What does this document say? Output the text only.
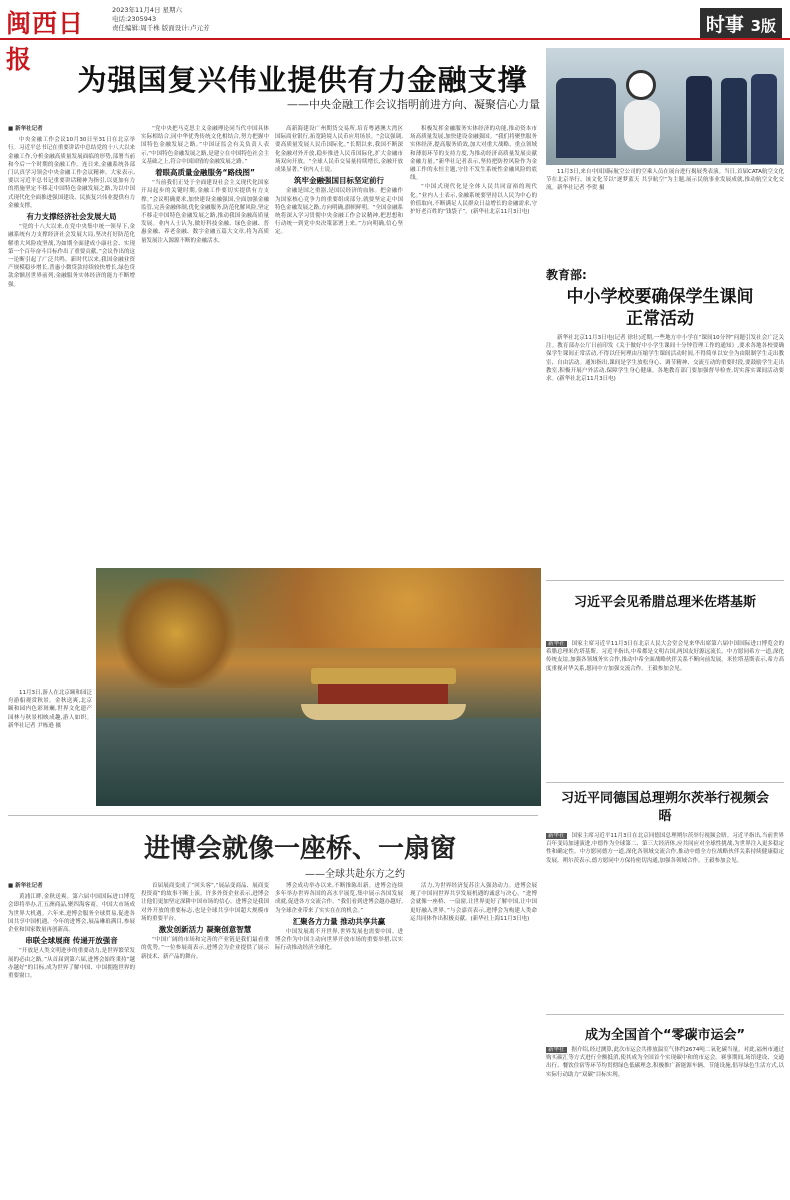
闽西日报
2023年11月4日 星期六
电话:2305943
责任编辑:周千株 版面设计:卢元芳	时事 3版
为强国复兴伟业提供有力金融支撑
——中央金融工作会议指明前进方向、凝聚信心力量
■ 新华社记者

中央金融工作会议10月30日至31日在北京举行。习近平总书记在重要讲话中总结党的十八大以来金融工作,分析金融高质量发展面临的形势,部署当前和今后一个时期的金融工作。连日来,金融系统各部门认真学习领会中央金融工作会议精神。大家表示,要以习近平总书记重要讲话精神为指引,以更加有力的措施坚定不移走中国特色金融发展之路,为以中国式现代化全面推进强国建设、民族复兴伟业提供有力金融支撑。

有力支撑经济社会发展大局

“党的十八大以来,在党中央集中统一领导下,金融系统有力支撑经济社会发展大局,坚决打好防范化解重大风险攻坚战,为如期全面建成小康社会、实现第一个百年奋斗目标作出了重要贡献。”会议作出的这一论断引起了广泛共鸣。新时代以来,我国金融业资产规模稳步增长,普惠小微贷款持续较快增长,绿色贷款余额居世界前列,金融服务实体经济的能力不断增强。

“党中央把马克思主义金融理论同当代中国具体实际相结合,同中华优秀传统文化相结合,努力把握中国特色金融发展之路。”中国证监会有关负责人表示,“中国特色金融发展之路,是建立在中国特色社会主义基础之上,符合中国国情的金融发展之路。”

着眼高质量金融服务“路线图”

“当前我们正处于全面建设社会主义现代化国家开局起步的关键时期,金融工作要切实提供有力支撑。”会议明确要求,加快建设金融强国,全面加强金融监管,完善金融体制,优化金融服务,防范化解风险,坚定不移走中国特色金融发展之路,推动我国金融高质量发展。业内人士认为,做好科技金融、绿色金融、普惠金融、养老金融、数字金融五篇大文章,将为高质量发展注入源源不断的金融活水。

高新海建设广州期货交易所,培育粤港澳大湾区国际商业银行,拓宽跨境人民币应用场景。“会议强调,要高质量发展人民币国际化。”长期以来,我国不断深化金融对外开放,稳步推进人民币国际化,扩大金融市场双向开放。“全球人民币交易量持续增长,金融开放成果显著。”业内人士说。

筑牢金融强国目标坚定前行

金融是国之重器,是国民经济的血脉。把金融作为国家核心竞争力的重要组成部分,就要坚定走中国特色金融发展之路,方向明确,旗帜鲜明。“全国金融系统将深入学习贯彻中央金融工作会议精神,把思想和行动统一到党中央决策部署上来。”方向明确,信心坚定。

积极发挥金融服务实体经济的功能,推动资本市场高质量发展,加快建设金融强国。“我们将聚焦服务实体经济,提高服务质效,加大对重大战略、重点领域和薄弱环节的支持力度,为推动经济高质量发展贡献金融力量。”新华社记者表示,坚持把防控风险作为金融工作的永恒主题,守住不发生系统性金融风险的底线。

“中国式现代化是全体人民共同富裕的现代化。”业内人士表示,金融系统要坚持以人民为中心的价值取向,不断满足人民群众日益增长的金融需求,守护好老百姓的“钱袋子”。(新华社北京11月3日电)

11月3日,来自中国国际航空公司的空乘人员在展台进行揭展秀表演。当日,首届CATA航空文化节在北京举行。该文化节以“逐梦蓝天 共享航空”为主题,展示民航事业发展成就,推动航空文化交流。新华社记者 李贺 摄

教育部:
中小学校要确保学生课间正常活动

新华社北京11月3日电(记者 徐壮)近期,一些地方中小学在“课间10分钟”问题引发社会广泛关注。教育部办公厅日前印发《关于做好中小学生课间十分钟管理工作的通知》,要求各地各校要确保学生课间正常活动,不得以任何理由压缩学生课间活动时间,不得简单以安全为由限制学生走出教室、自由活动。通知指出,课间是学生放松身心、调节精神、交流互动的重要时段,要鼓励学生走出教室,积极开展户外活动,保障学生身心健康。各地教育部门要加强督导检查,切实落实课间活动要求。(新华社北京11月3日电)

11月3日,游人在北京颐和园泛舟游船观赏秋景。金秋送爽,北京颐和园内色彩斑斓,世界文化遗产园林与秋景相映成趣,游人如织。新华社记者 尹栋逊 摄

习近平会见希腊总理米佐塔基斯
新华社 国家主席习近平11月3日在北京人民大会堂会见来华出席第六届中国国际进口博览会的希腊总理米佐塔基斯。习近平指出,中希都是文明古国,两国友好源远流长。中方愿同希方一道,深化传统友谊,加强各领域务实合作,推动中希全面战略伙伴关系不断向前发展。米佐塔基斯表示,希方高度重视对华关系,愿同中方加强交流合作。王毅参加会见。
习近平同德国总理朔尔茨举行视频会晤
新华社 国家主席习近平11月3日在北京同德国总理朔尔茨举行视频会晤。习近平指出,当前世界百年变局加速演进,中德作为全球第二、第三大经济体,应共同应对全球性挑战,为世界注入更多稳定性和确定性。中方愿同德方一道,深化各领域交流合作,推动中德全方位战略伙伴关系持续健康稳定发展。朔尔茨表示,德方愿同中方保持密切沟通,加强各领域合作。王毅参加会见。
成为全国首个“零碳市运会”
新华社 据介绍,经过测算,此次市运会共排放温室气体约2674吨二氧化碳当量。对此,福州市通过购买碳汇等方式进行全额抵消,使其成为全国首个实现碳中和的市运会。赛事期间,场馆建设、交通出行、餐饮住宿等环节均贯彻绿色低碳理念,积极推广新能源车辆、节能设施,倡导绿色生活方式,以实际行动助力“双碳”目标实现。
进博会就像一座桥、一扇窗
——全球共赴东方之约
■ 新华社记者

黄浦江畔,金秋送爽。第六届中国国际进口博览会即将举办,汇五洲商品,聚四海客商。中国大市场成为世界大机遇。六年来,进博会服务全球贸易,促进各国共享中国机遇。今年的进博会,展品琳琅满目,参展企业和国家数量再创新高。

串联全球展商 传递开放强音

“开放是人类文明进步的重要动力,是世界繁荣发展的必由之路。”从首届到第六届,进博会始终秉持“越办越好”的目标,成为世界了解中国、中国拥抱世界的重要窗口。

首届展商变成了“回头客”,“展品变商品、展商变投资商”的故事不断上演。许多外资企业表示,进博会让他们更加坚定深耕中国市场的信心。进博会是我国对外开放的重要标志,也是全球共享中国超大规模市场的重要平台。

激发创新活力 凝聚创意智慧

“中国广阔的市场和完善的产业链是我们最看重的优势。”一位参展商表示,进博会为企业提供了展示新技术、新产品的舞台。

博会成功举办以来,不断推陈出新。进博会连续多年举办世界各国的高水平展览,集中展示各国发展成就,促进各方交流合作。“我们看到进博会越办越好,为全球企业带来了实实在在的机会。”

汇聚各方力量 推动共享共赢

中国发展离不开世界,世界发展也需要中国。进博会作为中国主动向世界开放市场的重要举措,以实际行动推动经济全球化。

活力,为世界经济复苏注入强劲动力。进博会展现了中国同世界共享发展机遇的诚意与决心。“进博会就像一座桥、一扇窗,让世界更好了解中国,让中国更好融入世界。”与会嘉宾表示,进博会为构建人类命运共同体作出积极贡献。(新华社上海11月3日电)
